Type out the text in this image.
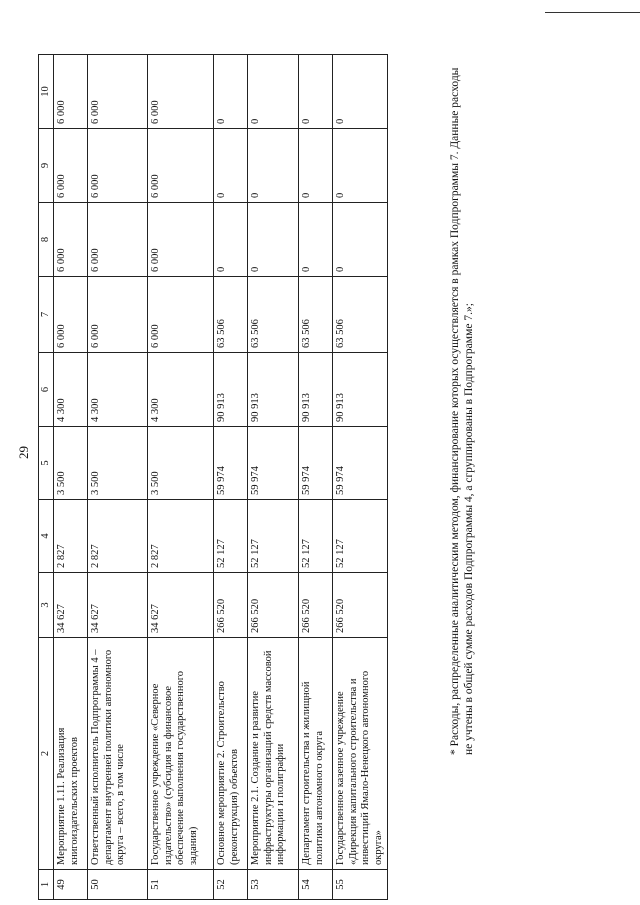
29
1	2	3	4	5	6	7	8	9	10
49	Мероприятие 1.11. Реализация книгоиздательских проектов	34 627	2 827	3 500	4 300	6 000	6 000	6 000	6 000
50	Ответственный исполнитель Подпрограммы 4 – департамент внутренней политики автономного округа – всего, в том числе	34 627	2 827	3 500	4 300	6 000	6 000	6 000	6 000
51	Государственное учреждение «Северное издательство» (субсидия на финансовое обеспечение выполнения государственного задания)	34 627	2 827	3 500	4 300	6 000	6 000	6 000	6 000
52	Основное мероприятие 2. Строительство (реконструкция) объектов	266 520	52 127	59 974	90 913	63 506	0	0	0
53	Мероприятие 2.1. Создание и развитие инфраструктуры организаций средств массовой информации и полиграфии	266 520	52 127	59 974	90 913	63 506	0	0	0
54	Департамент строительства и жилищной политики автономного округа	266 520	52 127	59 974	90 913	63 506	0	0	0
55	Государственное казенное учреждение «Дирекция капитального строительства и инвестиций Ямало-Ненецкого автономного округа»	266 520	52 127	59 974	90 913	63 506	0	0	0	* Расходы, распределенные аналитическим методом, финансирование которых осуществляется в рамках Подпрограммы 7. Данные расходы не учтены в общей сумме расходов Подпрограммы 4, а сгруппированы в Подпрограмме 7.»;
